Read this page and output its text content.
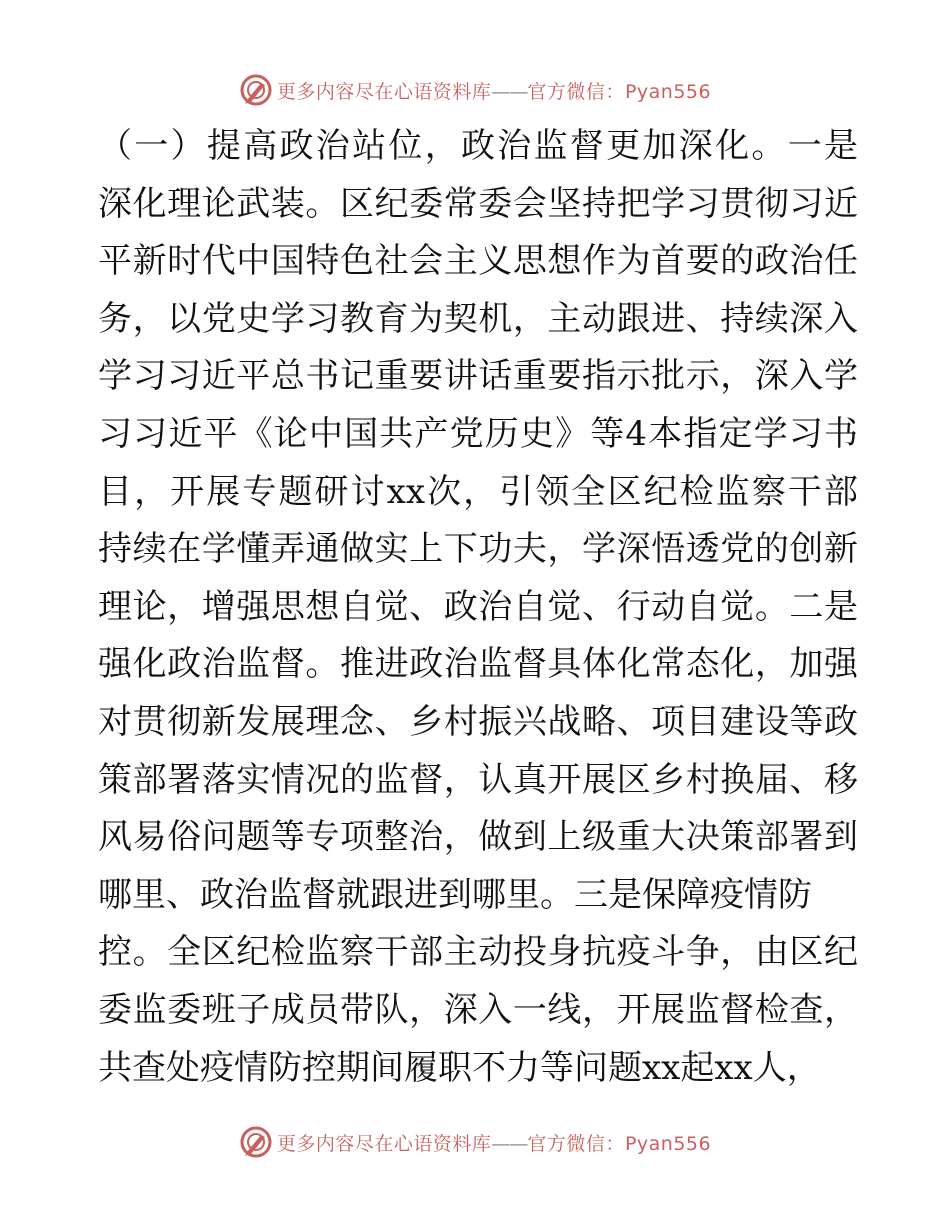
更多内容尽在心语资料库——官方微信：Pyan556
（一）提高政治站位，政治监督更加深化。一是
深化理论武装。区纪委常委会坚持把学习贯彻习近
平新时代中国特色社会主义思想作为首要的政治任
务，以党史学习教育为契机，主动跟进、持续深入
学习习近平总书记重要讲话重要指示批示，深入学
习习近平《论中国共产党历史》等4本指定学习书
目，开展专题研讨xx次，引领全区纪检监察干部
持续在学懂弄通做实上下功夫，学深悟透党的创新
理论，增强思想自觉、政治自觉、行动自觉。二是
强化政治监督。推进政治监督具体化常态化，加强
对贯彻新发展理念、乡村振兴战略、项目建设等政
策部署落实情况的监督，认真开展区乡村换届、移
风易俗问题等专项整治，做到上级重大决策部署到
哪里、政治监督就跟进到哪里。三是保障疫情防
控。全区纪检监察干部主动投身抗疫斗争，由区纪
委监委班子成员带队，深入一线，开展监督检查，
共查处疫情防控期间履职不力等问题xx起xx人，
更多内容尽在心语资料库——官方微信：Pyan556
